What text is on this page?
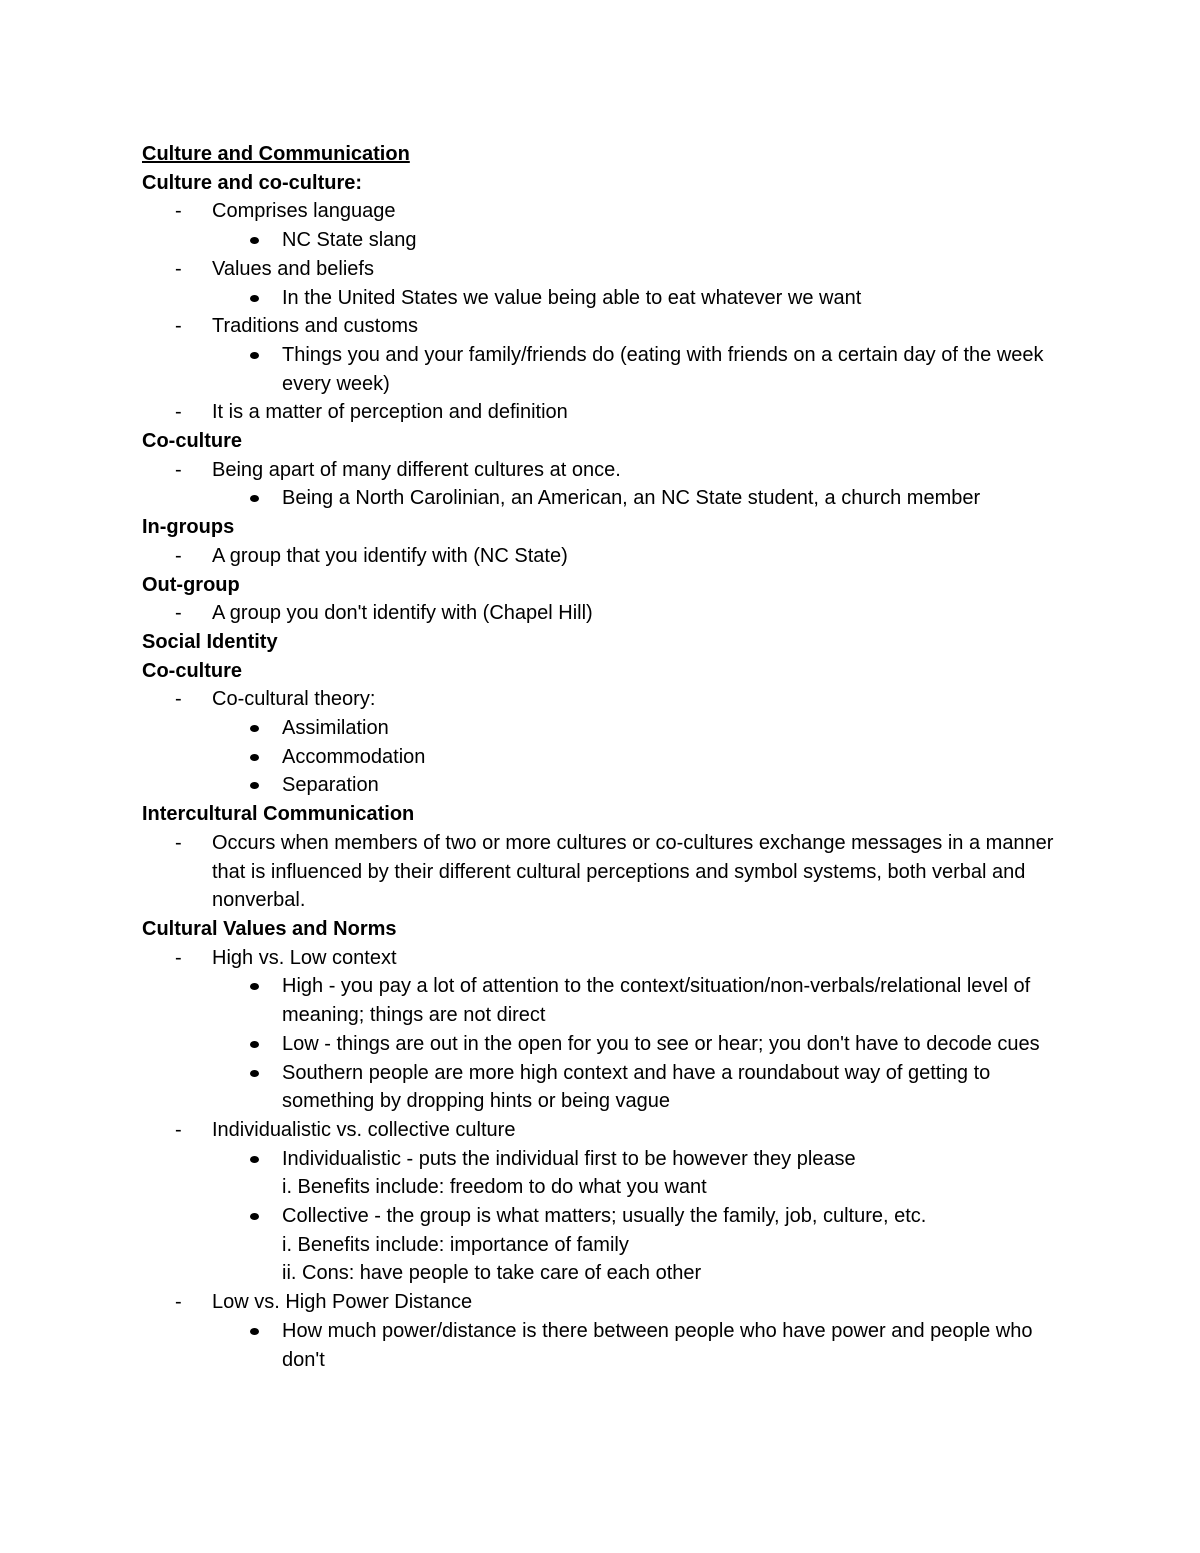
Culture and Communication
Culture and co-culture:
- Comprises language
NC State slang
- Values and beliefs
In the United States we value being able to eat whatever we want
- Traditions and customs
Things you and your family/friends do (eating with friends on a certain day of the week every week)
- It is a matter of perception and definition
Co-culture
- Being apart of many different cultures at once.
Being a North Carolinian, an American, an NC State student, a church member
In-groups
- A group that you identify with (NC State)
Out-group
- A group you don't identify with (Chapel Hill)
Social Identity
Co-culture
- Co-cultural theory:
Assimilation
Accommodation
Separation
Intercultural Communication
- Occurs when members of two or more cultures or co-cultures exchange messages in a manner that is influenced by their different cultural perceptions and symbol systems, both verbal and nonverbal.
Cultural Values and Norms
- High vs. Low context
High - you pay a lot of attention to the context/situation/non-verbals/relational level of meaning; things are not direct
Low - things are out in the open for you to see or hear; you don't have to decode cues
Southern people are more high context and have a roundabout way of getting to something by dropping hints or being vague
- Individualistic vs. collective culture
Individualistic - puts the individual first to be however they please
i. Benefits include: freedom to do what you want
Collective - the group is what matters; usually the family, job, culture, etc.
i. Benefits include: importance of family
ii. Cons: have people to take care of each other
- Low vs. High Power Distance
How much power/distance is there between people who have power and people who don't
